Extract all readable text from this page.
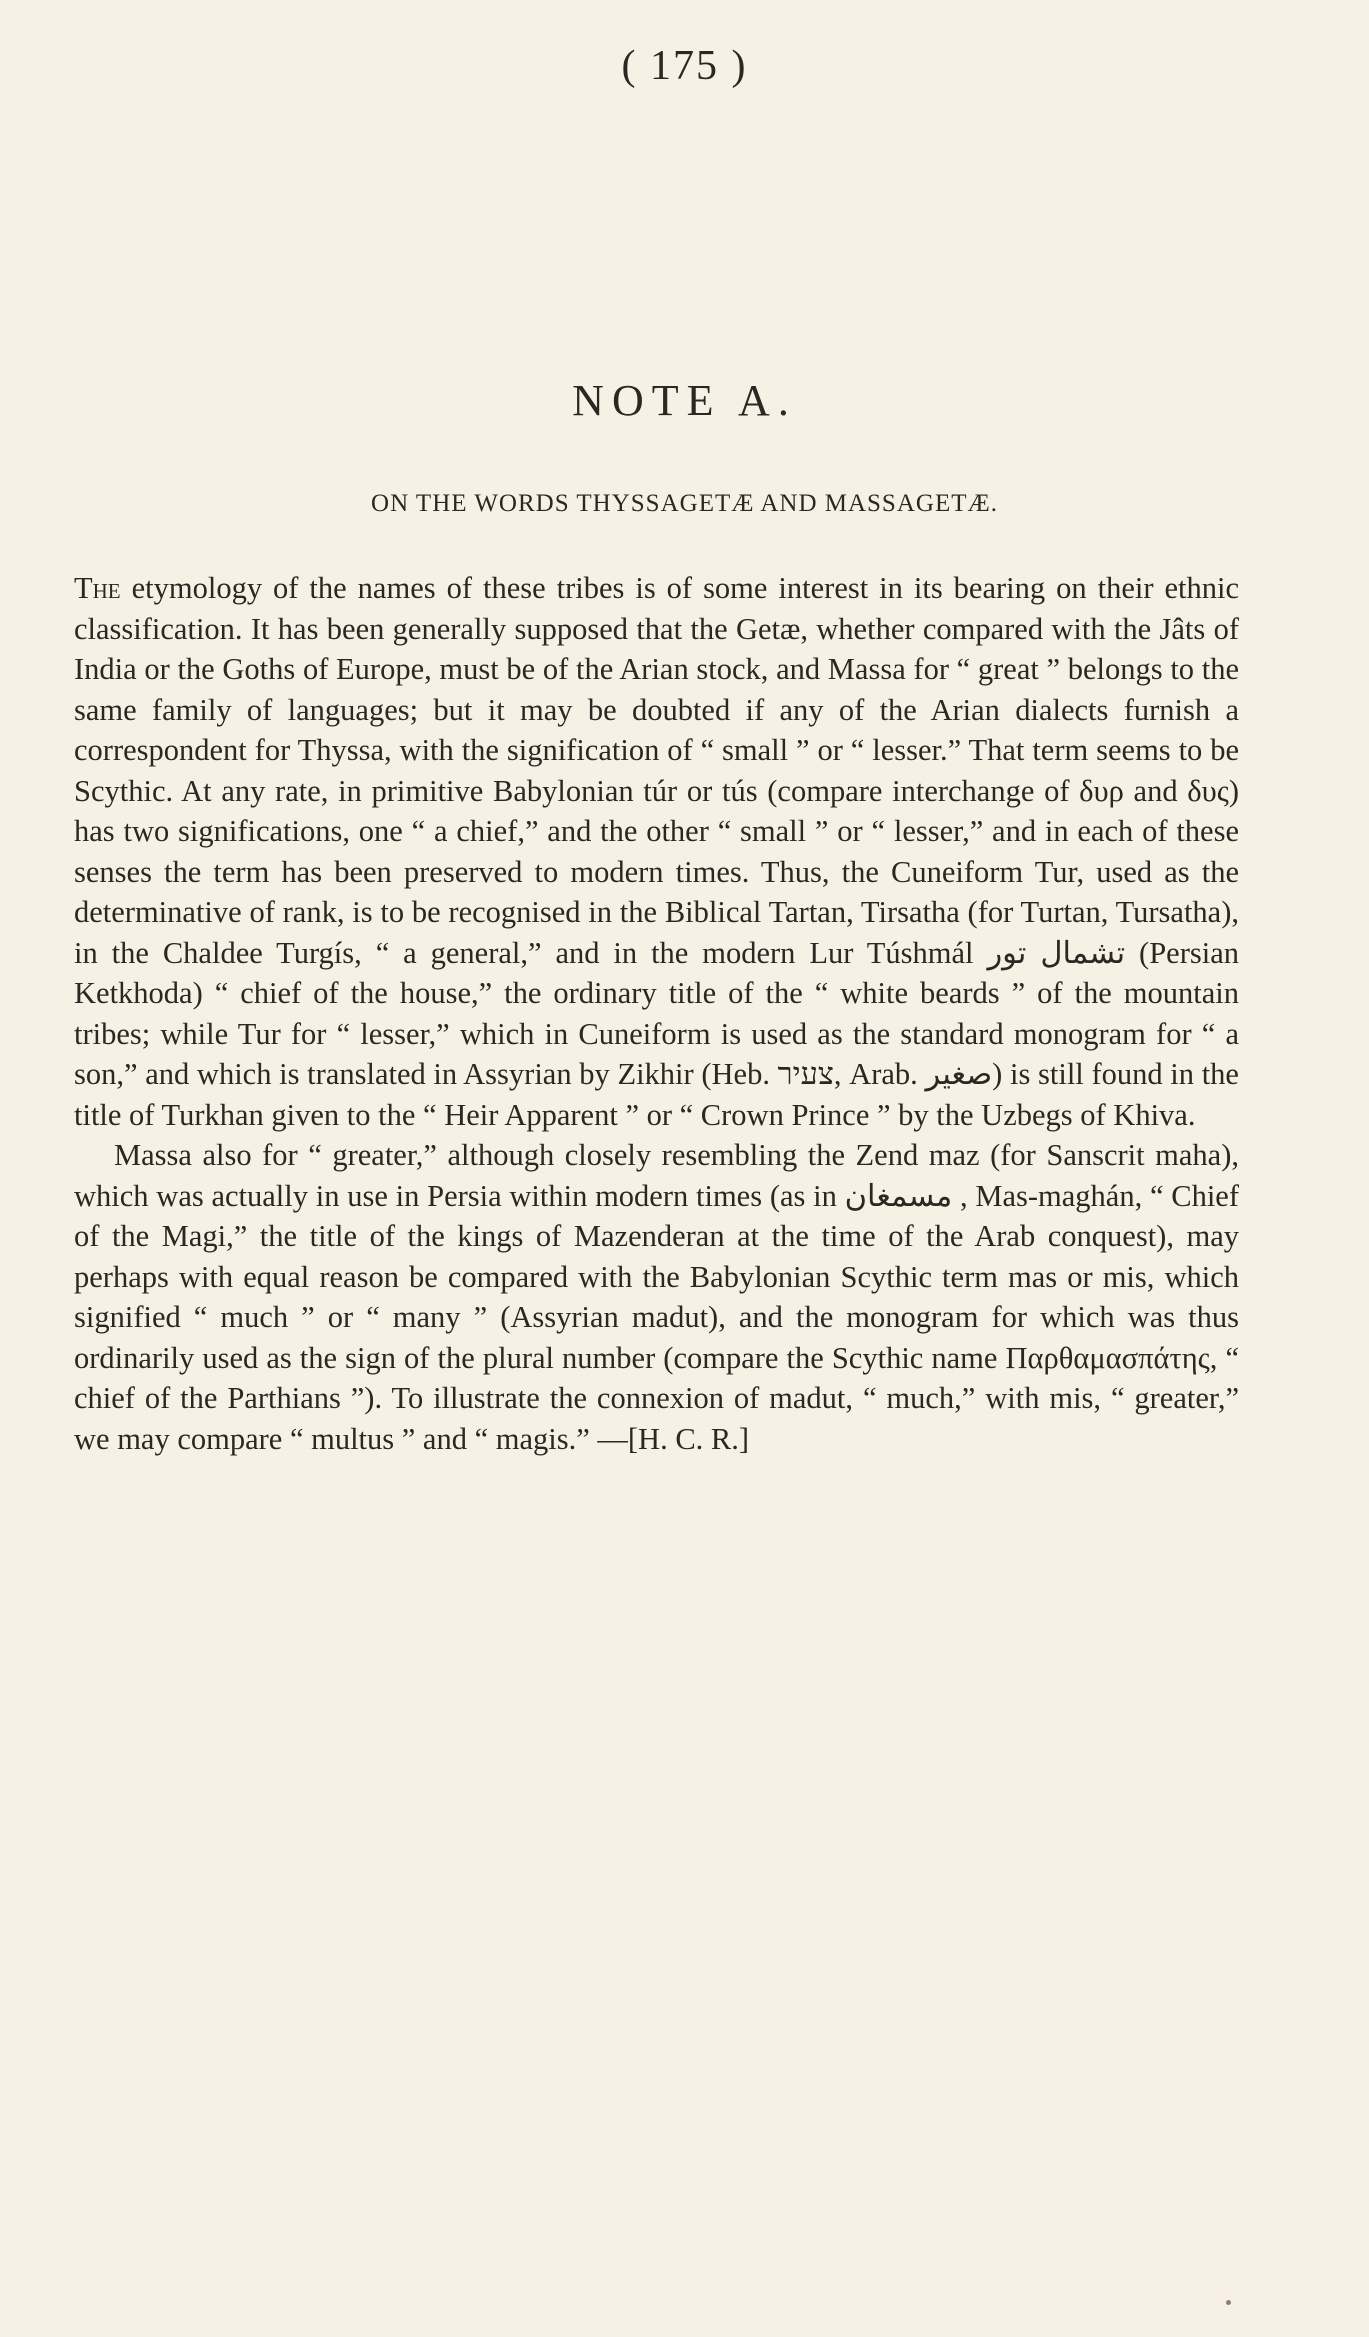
( 175 )
NOTE A.
ON THE WORDS THYSSAGETÆ AND MASSAGETÆ.

The etymology of the names of these tribes is of some interest in its bearing on their ethnic classification. It has been generally supposed that the Getæ, whether compared with the Jâts of India or the Goths of Europe, must be of the Arian stock, and Massa for “ great ” belongs to the same family of languages; but it may be doubted if any of the Arian dialects furnish a correspondent for Thyssa, with the signification of “ small ” or “ lesser.” That term seems to be Scythic. At any rate, in primitive Babylonian túr or tús (compare interchange of δυρ and δυς) has two significations, one “ a chief,” and the other “ small ” or “ lesser,” and in each of these senses the term has been preserved to modern times. Thus, the Cuneiform Tur, used as the determinative of rank, is to be recognised in the Biblical Tartan, Tirsatha (for Turtan, Tursatha), in the Chaldee Turgís, “ a general,” and in the modern Lur Túshmál تشمال تور (Persian Ketkhoda) “ chief of the house,” the ordinary title of the “ white beards ” of the mountain tribes; while Tur for “ lesser,” which in Cuneiform is used as the standard monogram for “ a son,” and which is translated in Assyrian by Zikhir (Heb. צעיר, Arab. صغير) is still found in the title of Turkhan given to the “ Heir Apparent ” or “ Crown Prince ” by the Uzbegs of Khiva.

Massa also for “ greater,” although closely resembling the Zend maz (for Sanscrit maha), which was actually in use in Persia within modern times (as in مسمغان , Mas-maghán, “ Chief of the Magi,” the title of the kings of Mazenderan at the time of the Arab conquest), may perhaps with equal reason be compared with the Babylonian Scythic term mas or mis, which signified “ much ” or “ many ” (Assyrian madut), and the monogram for which was thus ordinarily used as the sign of the plural number (compare the Scythic name Παρθαμασπάτης, “ chief of the Parthians ”). To illustrate the connexion of madut, “ much,” with mis, “ greater,” we may compare “ multus ” and “ magis.” —[H. C. R.]
